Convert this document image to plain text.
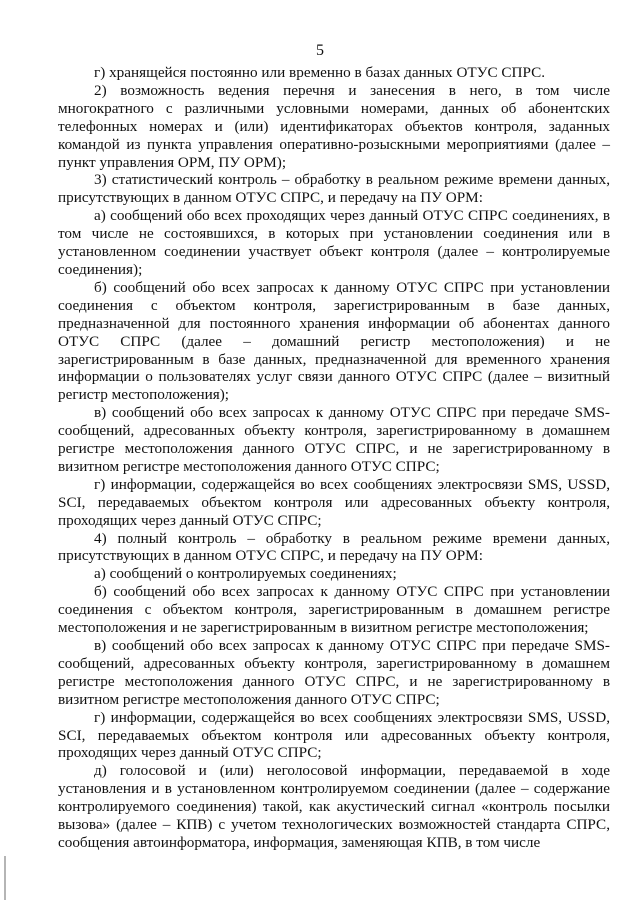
5

г) хранящейся постоянно или временно в базах данных ОТУС СПРС.

2) возможность ведения перечня и занесения в него, в том числе многократного с различными условными номерами, данных об абонентских телефонных номерах и (или) идентификаторах объектов контроля, заданных командой из пункта управления оперативно-розыскными мероприятиями (далее – пункт управления ОРМ, ПУ ОРМ);

3) статистический контроль – обработку в реальном режиме времени данных, присутствующих в данном ОТУС СПРС, и передачу на ПУ ОРМ:

а) сообщений обо всех проходящих через данный ОТУС СПРС соединениях, в том числе не состоявшихся, в которых при установлении соединения или в установленном соединении участвует объект контроля (далее – контролируемые соединения);

б) сообщений обо всех запросах к данному ОТУС СПРС при установлении соединения с объектом контроля, зарегистрированным в базе данных, предназначенной для постоянного хранения информации об абонентах данного ОТУС СПРС (далее – домашний регистр местоположения) и не зарегистрированным в базе данных, предназначенной для временного хранения информации о пользователях услуг связи данного ОТУС СПРС (далее – визитный регистр местоположения);

в) сообщений обо всех запросах к данному ОТУС СПРС при передаче SMS-сообщений, адресованных объекту контроля, зарегистрированному в домашнем регистре местоположения данного ОТУС СПРС, и не зарегистрированному в визитном регистре местоположения данного ОТУС СПРС;

г) информации, содержащейся во всех сообщениях электросвязи SMS, USSD, SCI, передаваемых объектом контроля или адресованных объекту контроля, проходящих через данный ОТУС СПРС;

4) полный контроль – обработку в реальном режиме времени данных, присутствующих в данном ОТУС СПРС, и передачу на ПУ ОРМ:

а) сообщений о контролируемых соединениях;

б) сообщений обо всех запросах к данному ОТУС СПРС при установлении соединения с объектом контроля, зарегистрированным в домашнем регистре местоположения и не зарегистрированным в визитном регистре местоположения;

в) сообщений обо всех запросах к данному ОТУС СПРС при передаче SMS-сообщений, адресованных объекту контроля, зарегистрированному в домашнем регистре местоположения данного ОТУС СПРС, и не зарегистрированному в визитном регистре местоположения данного ОТУС СПРС;

г) информации, содержащейся во всех сообщениях электросвязи SMS, USSD, SCI, передаваемых объектом контроля или адресованных объекту контроля, проходящих через данный ОТУС СПРС;

д) голосовой и (или) неголосовой информации, передаваемой в ходе установления и в установленном контролируемом соединении (далее – содержание контролируемого соединения) такой, как акустический сигнал «контроль посылки вызова» (далее – КПВ) с учетом технологических возможностей стандарта СПРС, сообщения автоинформатора, информация, заменяющая КПВ, в том числе
